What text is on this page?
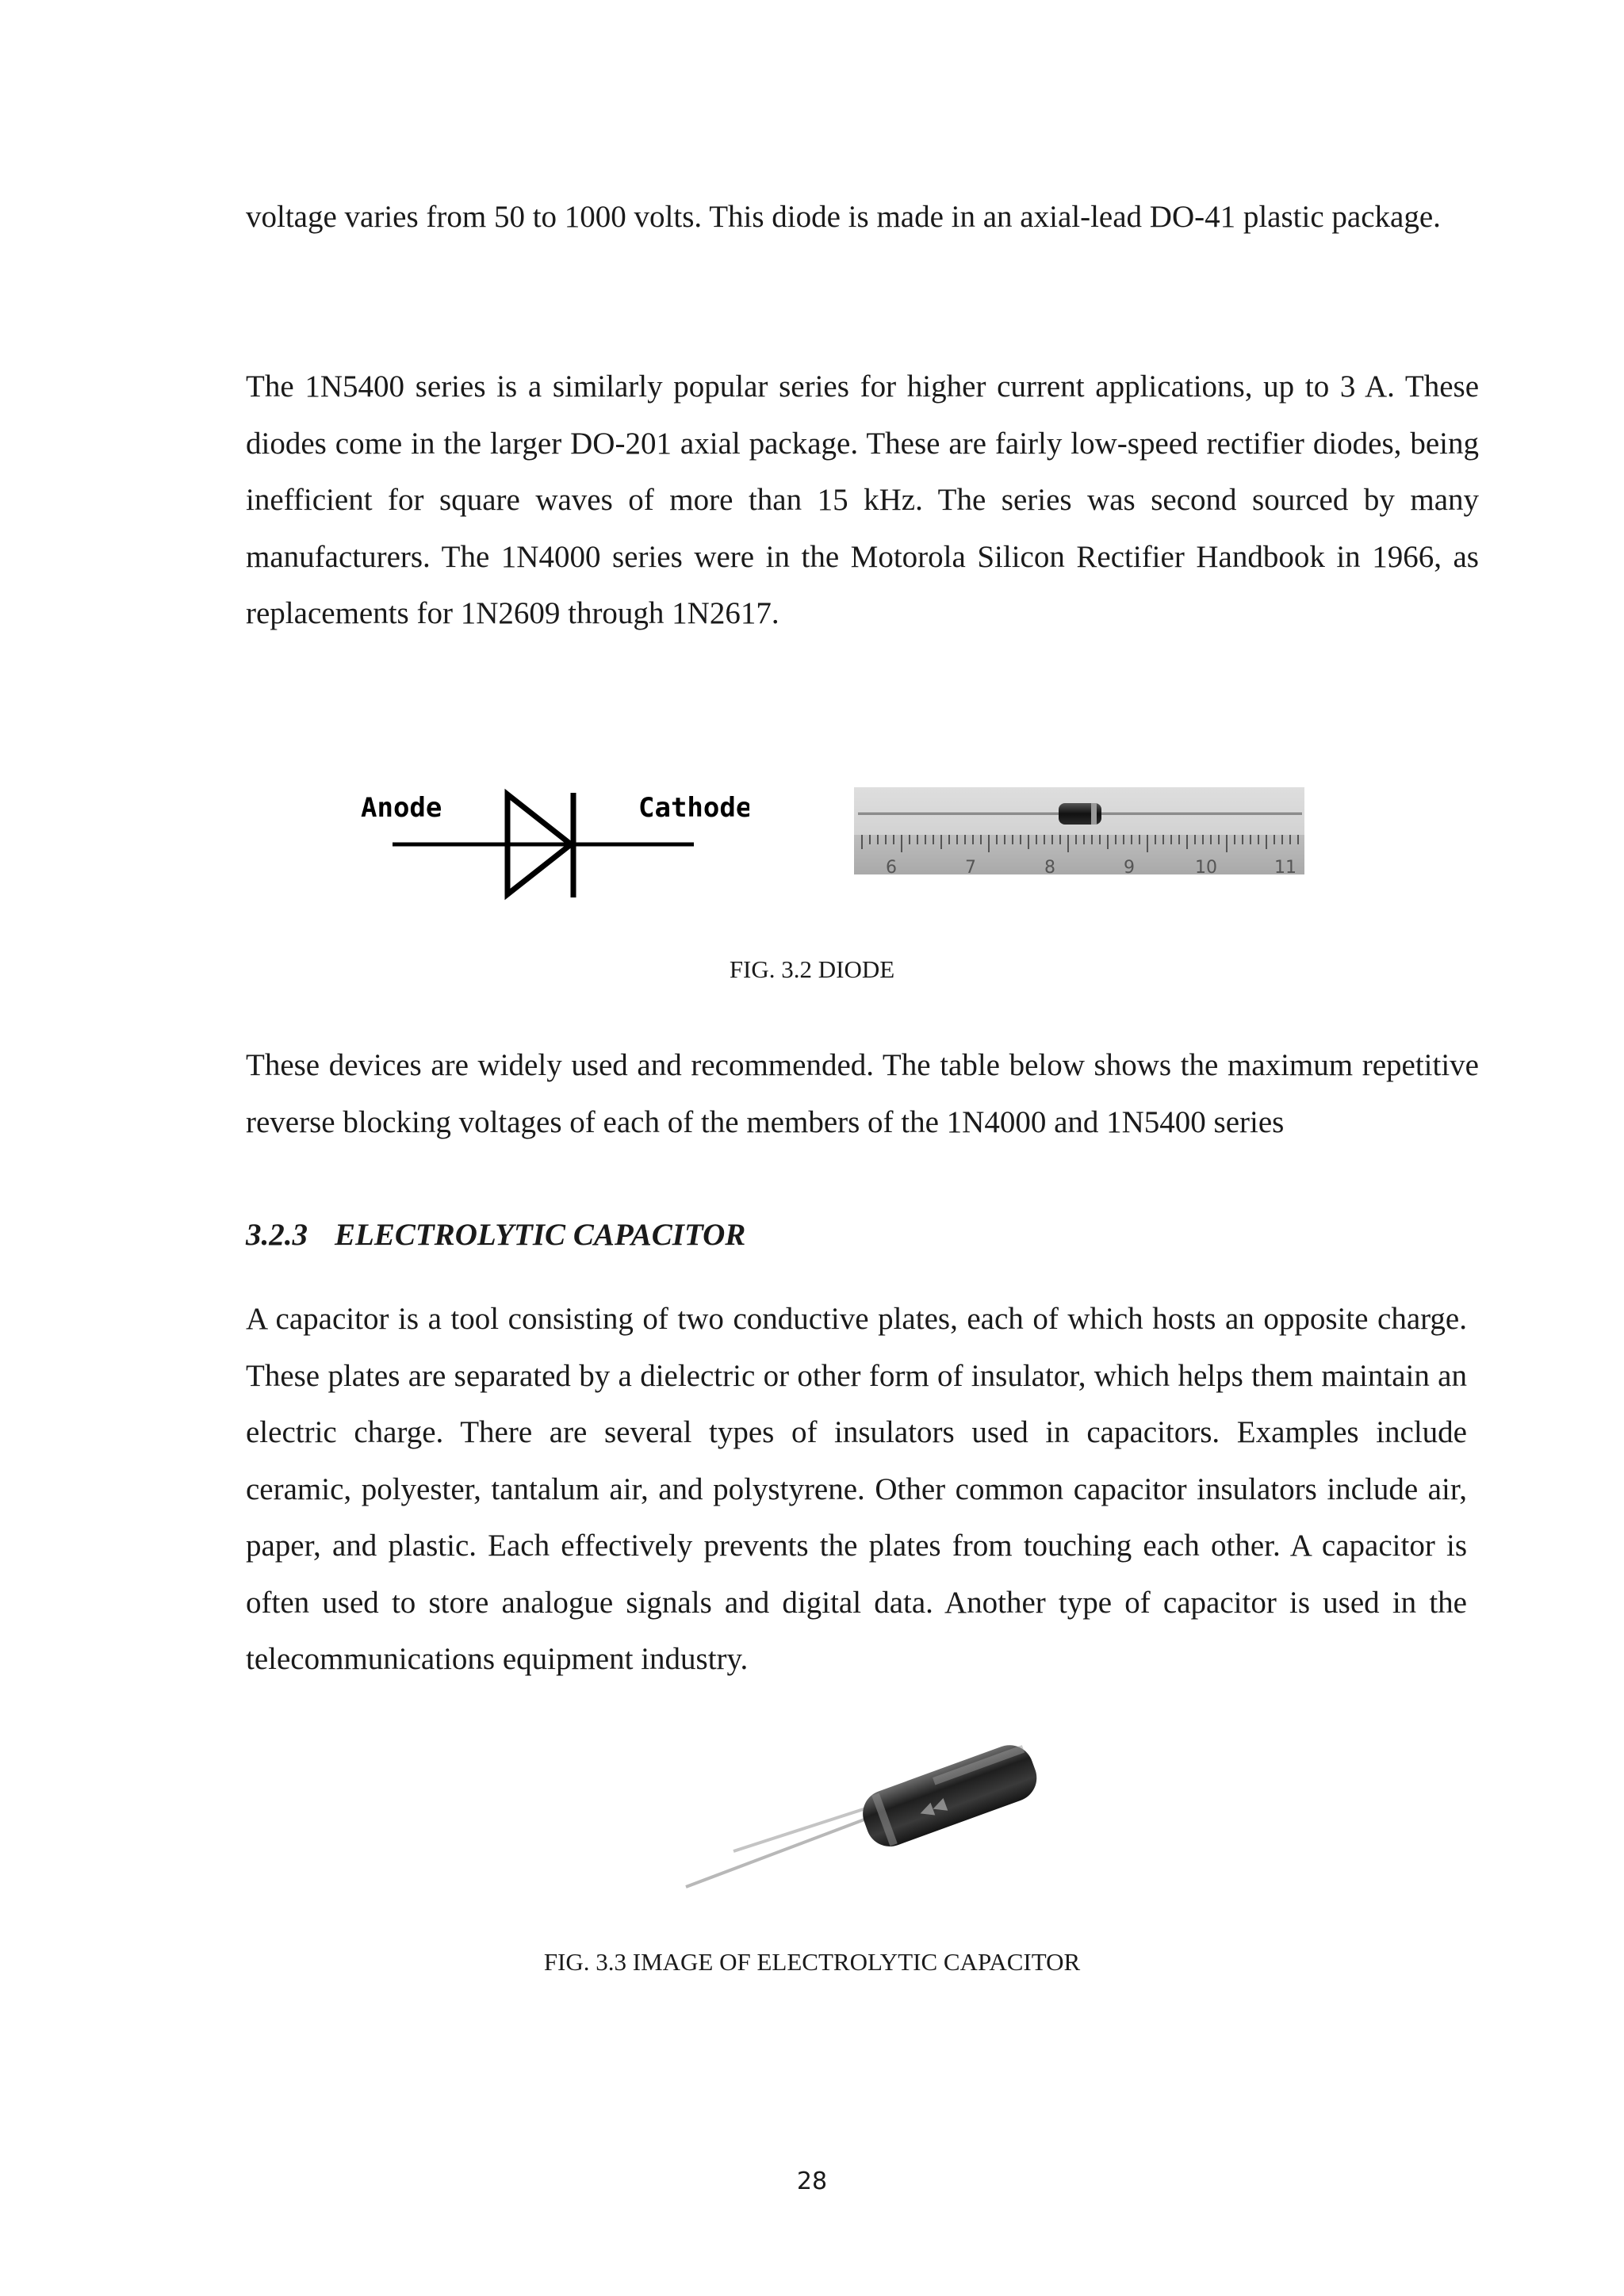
voltage varies from 50 to 1000 volts. This diode is made in an axial-lead DO-41 plastic package.

The 1N5400 series is a similarly popular series for higher current applications, up to 3 A. These diodes come in the larger DO-201 axial package. These are fairly low-speed rectifier diodes, being inefficient for square waves of more than 15 kHz. The series was second sourced by many manufacturers. The 1N4000 series were in the Motorola Silicon Rectifier Handbook in 1966, as replacements for 1N2609 through 1N2617.

Anode	Cathode
6	7	8	9	10	11

FIG. 3.2 DIODE

These devices are widely used and recommended. The table below shows the maximum repetitive reverse blocking voltages of each of the members of the 1N4000 and 1N5400 series

3.2.3 ELECTROLYTIC CAPACITOR

A capacitor is a tool consisting of two conductive plates, each of which hosts an opposite charge. These plates are separated by a dielectric or other form of insulator, which helps them maintain an electric charge. There are several types of insulators used in capacitors. Examples include ceramic, polyester, tantalum air, and polystyrene. Other common capacitor insulators include air, paper, and plastic. Each effectively prevents the plates from touching each other. A capacitor is often used to store analogue signals and digital data. Another type of capacitor is used in the telecommunications equipment industry.

◀◀

FIG. 3.3 IMAGE OF ELECTROLYTIC CAPACITOR

28
